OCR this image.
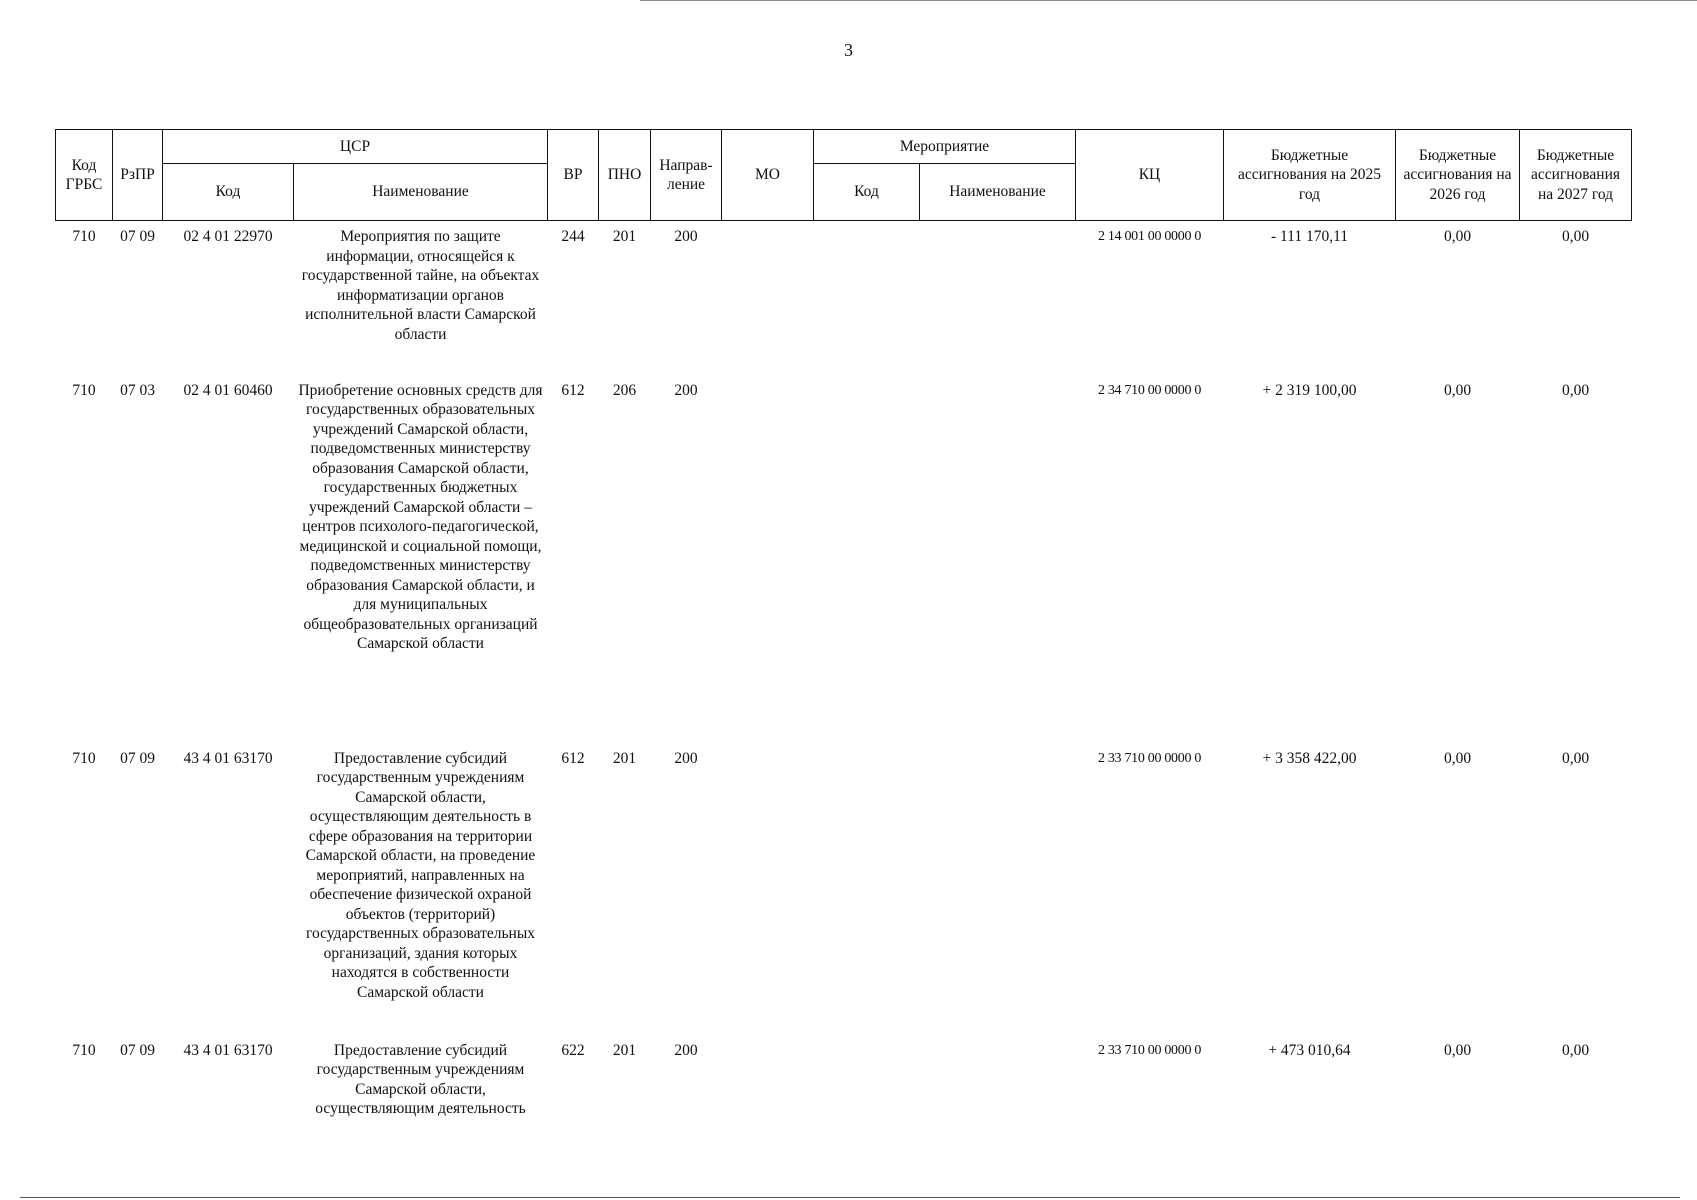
3
Код ГРБС	РзПР	ЦСР		ВР	ПНО	Направ-ление	МО	Мероприятие		КЦ	Бюджетные ассигнования на 2025 год	Бюджетные ассигнования на 2026 год	Бюджетные ассигнования на 2027 год
		Код	Наименование					Код	Наименование				
710	07 09	02 4 01 22970	Мероприятия по защите информации, относящейся к государственной тайне, на объектах информатизации органов исполнительной власти Самарской области	244	201	200				2 14 001 00 0000 0	- 111 170,11	0,00	0,00
710	07 03	02 4 01 60460	Приобретение основных средств для государственных образовательных учреждений Самарской области, подведомственных министерству образования Самарской области, государственных бюджетных учреждений Самарской области – центров психолого-педагогической, медицинской и социальной помощи, подведомственных министерству образования Самарской области, и для муниципальных общеобразовательных организаций Самарской области	612	206	200				2 34 710 00 0000 0	+ 2 319 100,00	0,00	0,00
710	07 09	43 4 01 63170	Предоставление субсидий государственным учреждениям Самарской области, осуществляющим деятельность в сфере образования на территории Самарской области, на проведение мероприятий, направленных на обеспечение физической охраной объектов (территорий) государственных образовательных организаций, здания которых находятся в собственности Самарской области	612	201	200				2 33 710 00 0000 0	+ 3 358 422,00	0,00	0,00
710	07 09	43 4 01 63170	Предоставление субсидий государственным учреждениям Самарской области, осуществляющим деятельность	622	201	200				2 33 710 00 0000 0	+ 473 010,64	0,00	0,00
